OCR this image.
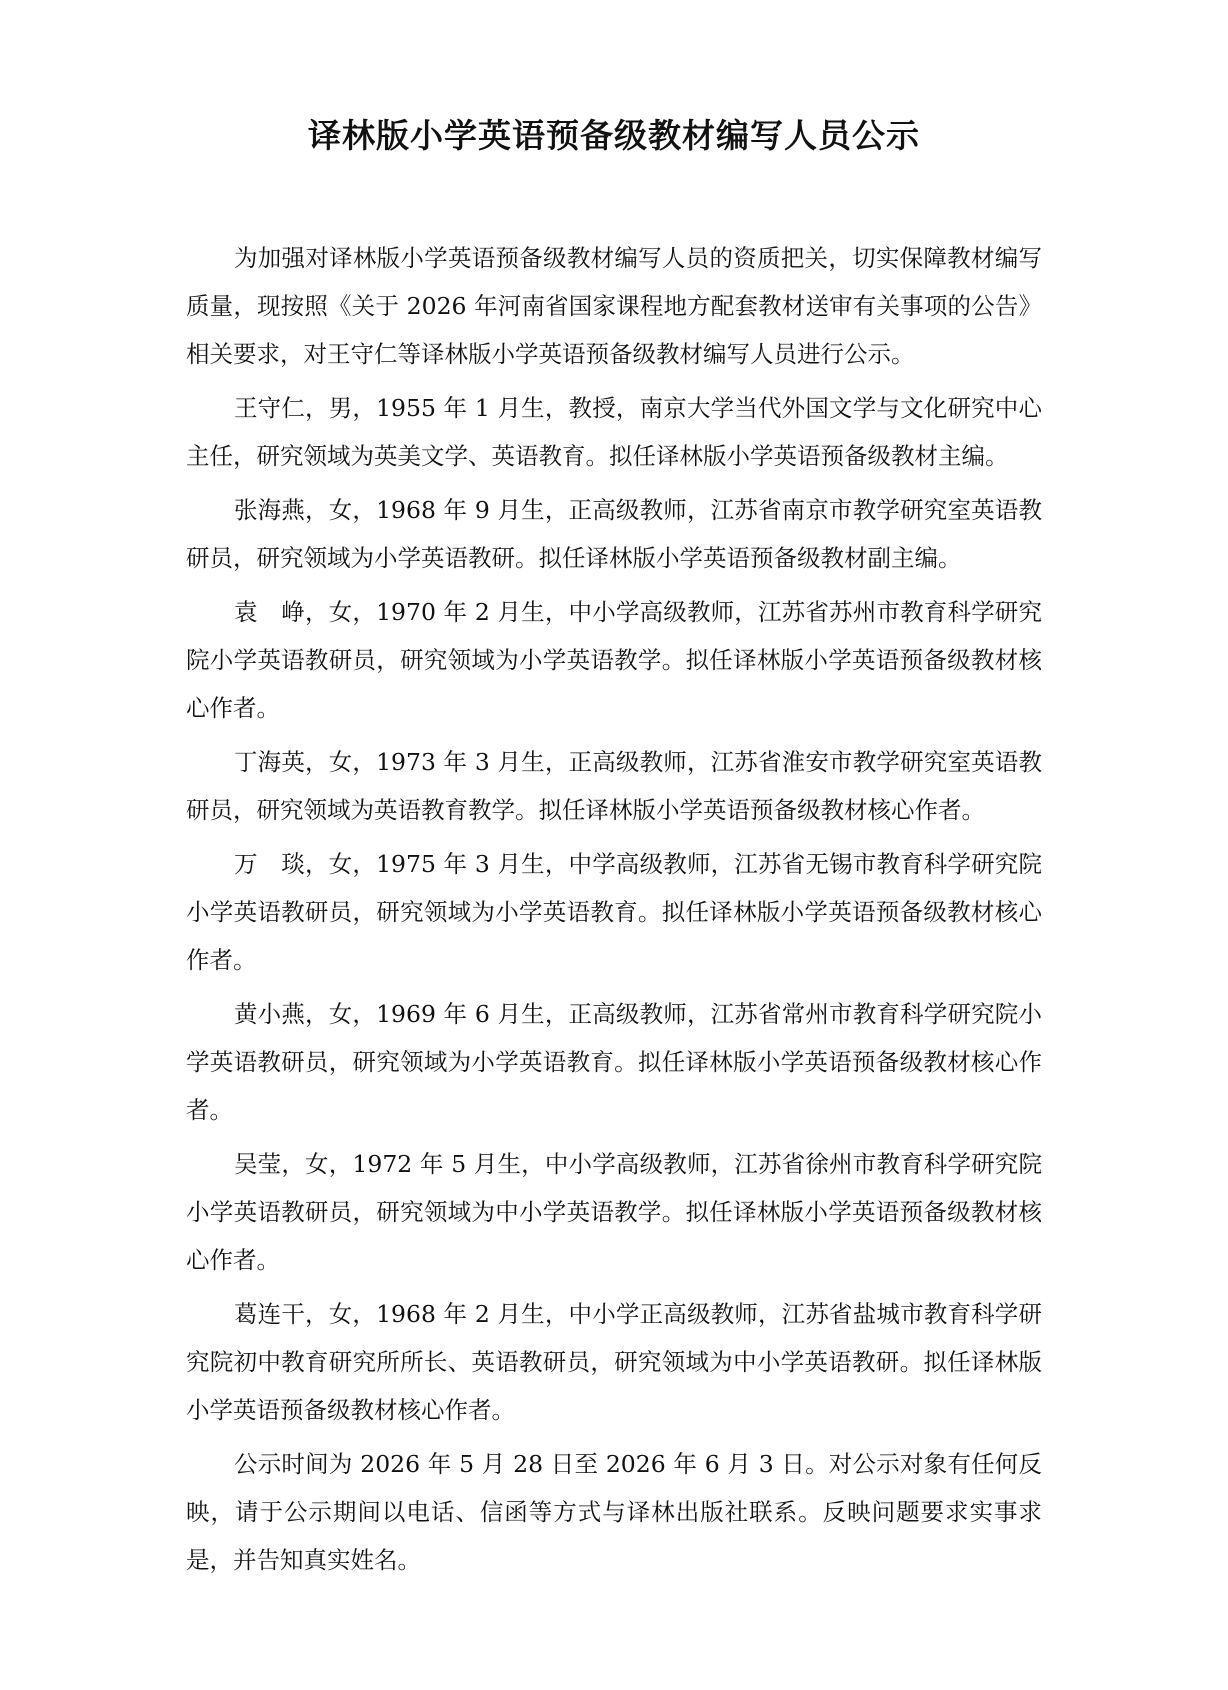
译林版小学英语预备级教材编写人员公示

为加强对译林版小学英语预备级教材编写人员的资质把关，切实保障教材编写质量，现按照《关于 2026 年河南省国家课程地方配套教材送审有关事项的公告》相关要求，对王守仁等译林版小学英语预备级教材编写人员进行公示。

王守仁，男，1955 年 1 月生，教授，南京大学当代外国文学与文化研究中心主任，研究领域为英美文学、英语教育。拟任译林版小学英语预备级教材主编。

张海燕，女，1968 年 9 月生，正高级教师，江苏省南京市教学研究室英语教研员，研究领域为小学英语教研。拟任译林版小学英语预备级教材副主编。

袁　峥，女，1970 年 2 月生，中小学高级教师，江苏省苏州市教育科学研究院小学英语教研员，研究领域为小学英语教学。拟任译林版小学英语预备级教材核心作者。

丁海英，女，1973 年 3 月生，正高级教师，江苏省淮安市教学研究室英语教研员，研究领域为英语教育教学。拟任译林版小学英语预备级教材核心作者。

万　琰，女，1975 年 3 月生，中学高级教师，江苏省无锡市教育科学研究院小学英语教研员，研究领域为小学英语教育。拟任译林版小学英语预备级教材核心作者。

黄小燕，女，1969 年 6 月生，正高级教师，江苏省常州市教育科学研究院小学英语教研员，研究领域为小学英语教育。拟任译林版小学英语预备级教材核心作者。

吴莹，女，1972 年 5 月生，中小学高级教师，江苏省徐州市教育科学研究院小学英语教研员，研究领域为中小学英语教学。拟任译林版小学英语预备级教材核心作者。

葛连干，女，1968 年 2 月生，中小学正高级教师，江苏省盐城市教育科学研究院初中教育研究所所长、英语教研员，研究领域为中小学英语教研。拟任译林版小学英语预备级教材核心作者。

公示时间为 2026 年 5 月 28 日至 2026 年 6 月 3 日。对公示对象有任何反映，请于公示期间以电话、信函等方式与译林出版社联系。反映问题要求实事求是，并告知真实姓名。
